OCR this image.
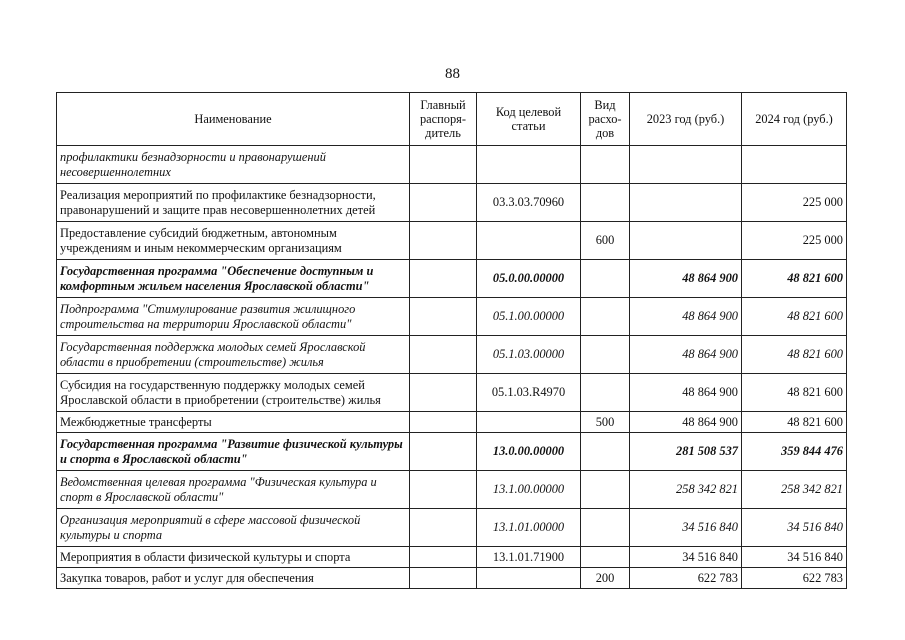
88
Наименование	Главный распоря-дитель	Код целевой статьи	Вид расхо-дов	2023 год (руб.)	2024 год (руб.)
профилактики безнадзорности и правонарушений несовершеннолетних					
Реализация мероприятий по профилактике безнадзорности, правонарушений и защите прав несовершеннолетних детей		03.3.03.70960			225 000
Предоставление субсидий бюджетным, автономным учреждениям и иным некоммерческим организациям			600		225 000
Государственная программа "Обеспечение доступным и комфортным жильем населения Ярославской области"		05.0.00.00000		48 864 900	48 821 600
Подпрограмма "Стимулирование развития жилищного строительства на территории Ярославской области"		05.1.00.00000		48 864 900	48 821 600
Государственная поддержка молодых семей Ярославской области в приобретении (строительстве) жилья		05.1.03.00000		48 864 900	48 821 600
Субсидия на государственную поддержку молодых семей Ярославской области в приобретении (строительстве) жилья		05.1.03.R4970		48 864 900	48 821 600
Межбюджетные трансферты			500	48 864 900	48 821 600
Государственная программа "Развитие физической культуры и спорта в Ярославской области"		13.0.00.00000		281 508 537	359 844 476
Ведомственная целевая программа "Физическая культура и спорт в Ярославской области"		13.1.00.00000		258 342 821	258 342 821
Организация мероприятий в сфере массовой физической культуры и спорта		13.1.01.00000		34 516 840	34 516 840
Мероприятия в области физической культуры и спорта		13.1.01.71900		34 516 840	34 516 840
Закупка товаров, работ и услуг для обеспечения			200	622 783	622 783
